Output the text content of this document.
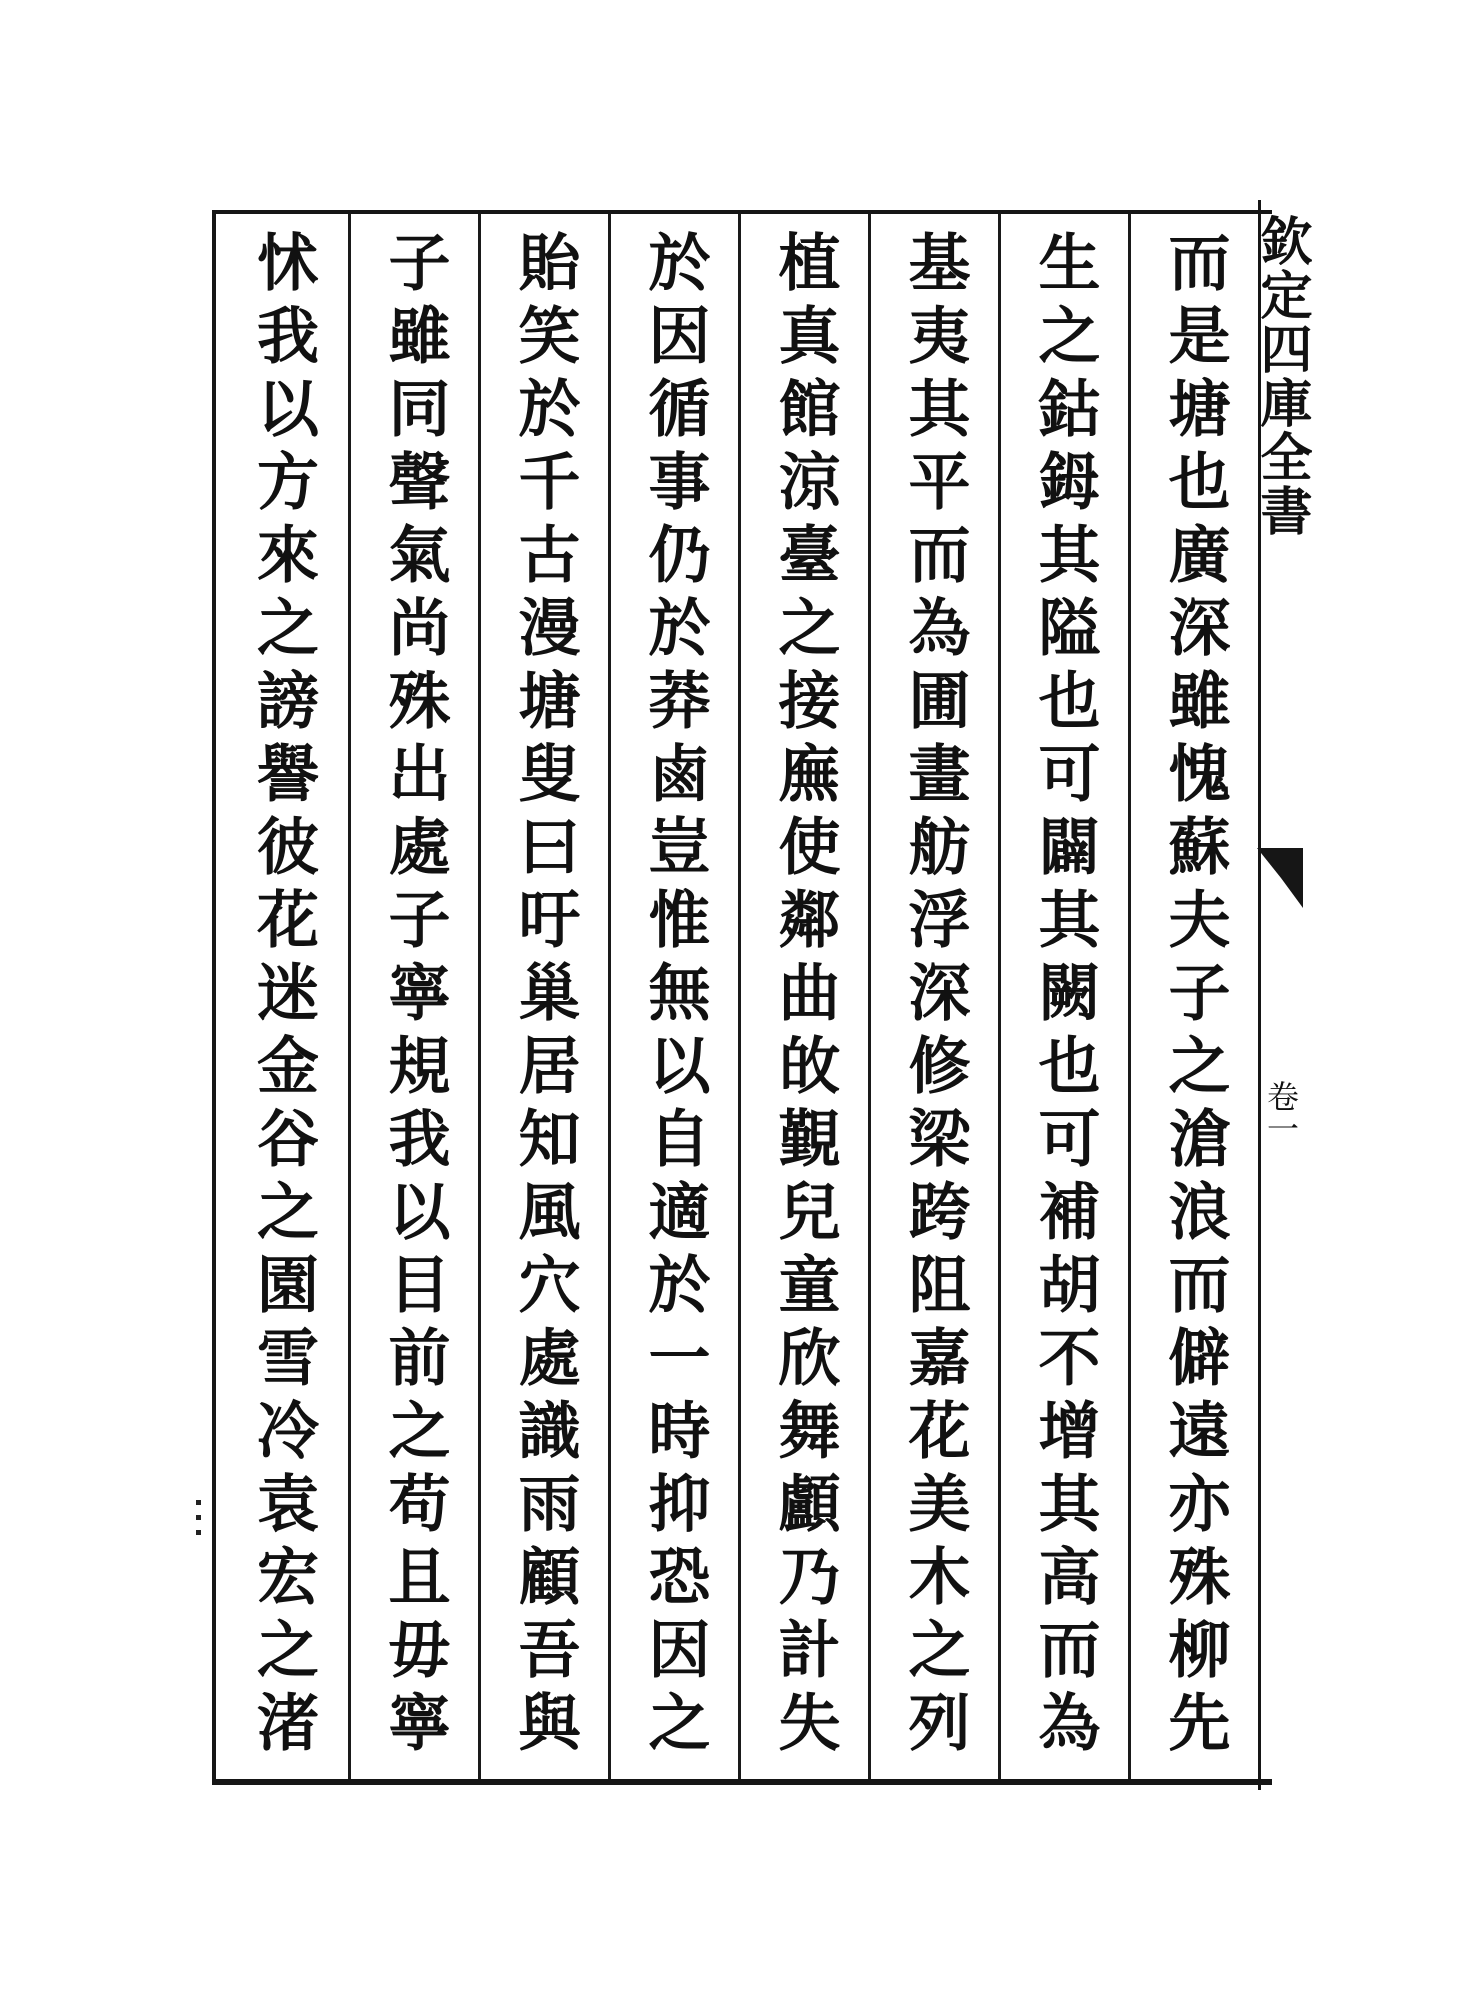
欽定四庫全書
卷一
而是塘也廣深雖愧蘇夫子之滄浪而僻遠亦殊柳先
生之鈷鉧其隘也可闢其闕也可補胡不增其高而為
基夷其平而為圃畫舫浮深修梁跨阻嘉花美木之列
植真館涼臺之接廡使鄰曲敀覲兒童欣舞顱乃計失
於因循事仍於莽鹵豈惟無以自適於一時抑恐因之
貽笑於千古漫塘叟曰吁巢居知風穴處識雨顧吾與
子雖同聲氣尚殊出處子寧規我以目前之苟且毋寧
怵我以方來之謗譽彼花迷金谷之園雪冷袁宏之渚
